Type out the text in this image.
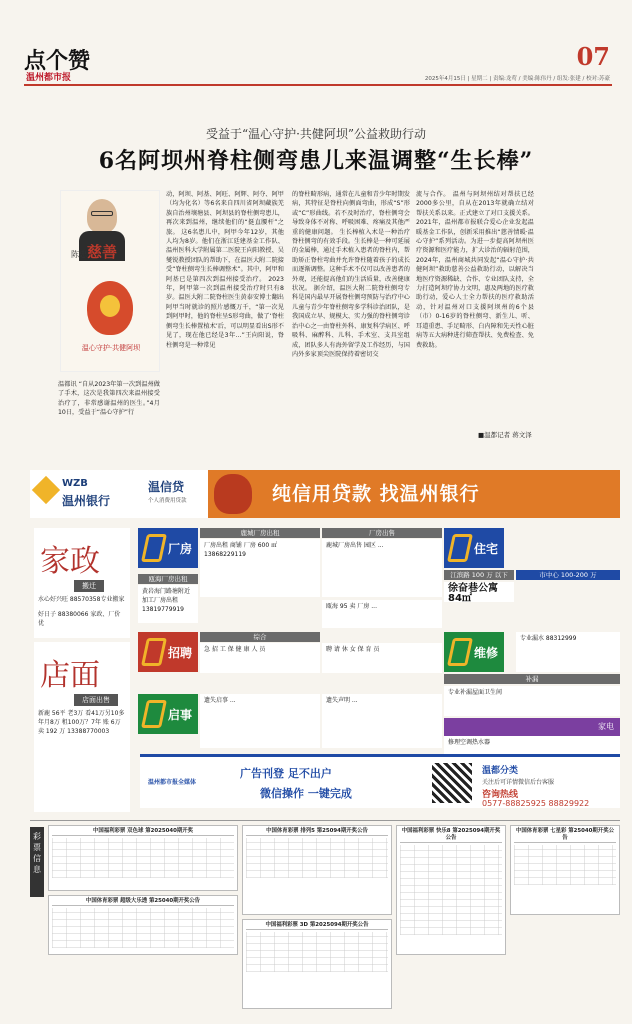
点个赞
温州都市报
07
2025年4月15日 | 星期二 | 责编:龙莺 / 美编:陈伟丹 / 组发:张建 / 校对:苏豪
受益于“温心守护·共健阿坝”公益救助行动
6名阿坝州脊柱侧弯患儿来温调整“生长棒”
陈忠慈善
温心守护·共健阿坝
温都讯 “自从2023年第一次到温州做了手术，这次是我第四次来温州接受治疗了，非常感谢温州的医生。”4月10日，受益于“温心守护”行
动，阿坝、阿基、阿旺、阿辉、阿夺、阿甲（均为化名）等6名来自四川省阿坝藏族羌族自治州壤塘县、阿坝县的脊柱侧弯患儿，再次来到温州，继续他们的“挺直腰杆”之旅。 这6名患儿中，阿甲今年12岁，其他人均为8岁。他们在浙江廷建基金工作队、温州医科大学附属第二医院王向阳教授、吴燮锐教授团队的帮助下，在温医大附二院接受“脊柱侧弯生长棒调整术”。其中，阿甲和阿基已是第四次到温州接受治疗。 2023年，阿甲第一次到温州接受治疗时只有8岁。温医大附二院脊柱医生黄泰安博士翻出阿甲当时就诊的照片感慨万千，“第一次见到阿甲时，他的脊柱呈S形弯曲，做了‘脊柱侧弯生长棒置植术’后，可以明显看出S形不见了，现在他已经是3年…”王向阳说，脊柱侧弯是一种常见
的脊柱畸形病，通常在儿童和青少年时期发病，其特征是脊柱向侧面弯曲，形成“S”形或“C”形曲线。若不及时治疗，脊柱侧弯会导致身体不对称、呼吸困难、疼痛及其他严重的健康问题。 生长棒植入术是一种治疗脊柱侧弯的有效手段。生长棒是一种可延展的金属棒，通过手术植入患者的脊柱内，帮助矫正脊柱弯曲并允许脊柱随着孩子的成长而逐渐调整。这种手术不仅可以改善患者的外观，还能提高他们的生活质量，改善健康状况。 据介绍，温医大附二院脊柱侧弯专科是国内最早开展脊柱侧弯预防与治疗中心儿童与青少年脊柱侧弯多学科诊治团队，是我国成立早、规模大、实力强的脊柱侧弯诊治中心之一由脊柱外科、康复科学病区、呼吸科、麻醉科、儿科、手术室、支具室组成，团队多人有海外留学及工作经历，与国内外多家顶尖医院保持着密切交
流与合作。 温州与阿坝州结对帮扶已经2000多公里，自从在2013年就确立结对帮扶关系以来。正式建立了对口支援关系。2021年，温州都市报联合爱心企业发起温暖基金工作队，创新采用推出“慈善情暖·温心守护”系列活动。为进一步提高阿坝州医疗资源和医疗能力，扩大诊治的辐射范围，2024年，温州商城共同发起“温心守护·共健阿坝”救助慈善公益救助行动，以解决当地医疗资源稀缺、合作、专业团队支持，全力打造阿坝疗协力文明，惠及两地的医疗救助行动，爱心人士全力帮扶的医疗救助活动，针对温州对口支援阿坝州的6个县（市）0-16岁的脊柱侧弯、新生儿、听、耳道重患、手足畸形、白内障和先天性心脏病等五大病种进行筛查帮扶、免费检查、免费救助。
■温都记者 蒋文泽
WZB
温州银行
温信贷
个人消费用贷款	纯信用贷款 找温州银行
家政
搬迁
水心好兴旺 88570358专业搬家
好日子 88380066 家政、厂价优
店面
店面出售
新鹿 56平 老3万 看41万另10多年月8万 租100万？7年 账 6万 卖 192 万 13388770003
厂房
鹿城厂房出租	厂房出售
厂房出租 商铺 厂房 600 ㎡ 13868229119
鹿城厂房出售 园区 ...
瓯海厂房出租
黄岩海门路塘附近加工厂房出租 13819779919	瓯海 95 卖 厂房 ...
住宅
江滨路 100 万 以下
徐奋巷公寓 84㎡
市中心 100-200 万
招聘
综合
急 招 工 保 健 康 人 员	聘 请 休 女 保 育 员	维修
专业漏水 88312999
补漏
专业补漏屋面卫生间
启事
遗失启事 ...	遗失声明 ...
家电
修理空调热水器
温州都市报全媒体
广告刊登 足不出户
微信操作 一键完成
温都分类
关注后可详情微信后台客服
咨询热线
0577-88825925 88829922
彩票信息
中国福利彩票 双色球 第2025040期开奖
中国体育彩票 超级大乐透 第25040期开奖公告
中国体育彩票 排列5 第25094期开奖公告	中国福利彩票 快乐8 第2025094期开奖公告
中国体育彩票 七星彩 第25040期开奖公告
中国福利彩票 3D 第2025094期开奖公告
